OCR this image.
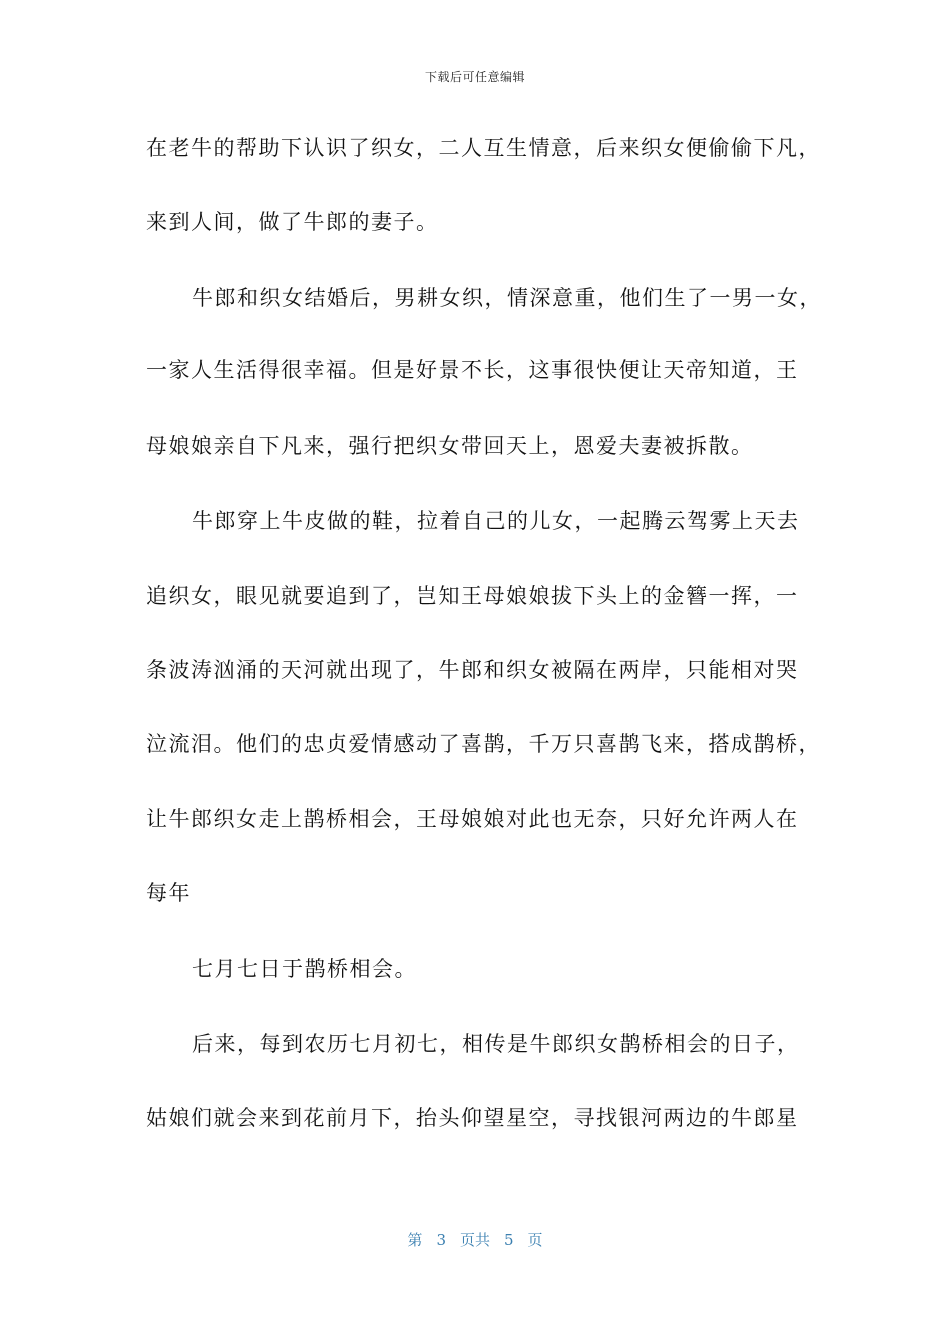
下载后可任意编辑
在老牛的帮助下认识了织女，二人互生情意，后来织女便偷偷下凡，
来到人间，做了牛郎的妻子。
牛郎和织女结婚后，男耕女织，情深意重，他们生了一男一女，
一家人生活得很幸福。但是好景不长，这事很快便让天帝知道，王
母娘娘亲自下凡来，强行把织女带回天上，恩爱夫妻被拆散。
牛郎穿上牛皮做的鞋，拉着自己的儿女，一起腾云驾雾上天去
追织女，眼见就要追到了，岂知王母娘娘拔下头上的金簪一挥，一
条波涛汹涌的天河就出现了，牛郎和织女被隔在两岸，只能相对哭
泣流泪。他们的忠贞爱情感动了喜鹊，千万只喜鹊飞来，搭成鹊桥，
让牛郎织女走上鹊桥相会，王母娘娘对此也无奈，只好允许两人在
每年
七月七日于鹊桥相会。
后来，每到农历七月初七，相传是牛郎织女鹊桥相会的日子，
姑娘们就会来到花前月下，抬头仰望星空，寻找银河两边的牛郎星
第 3 页共 5 页
